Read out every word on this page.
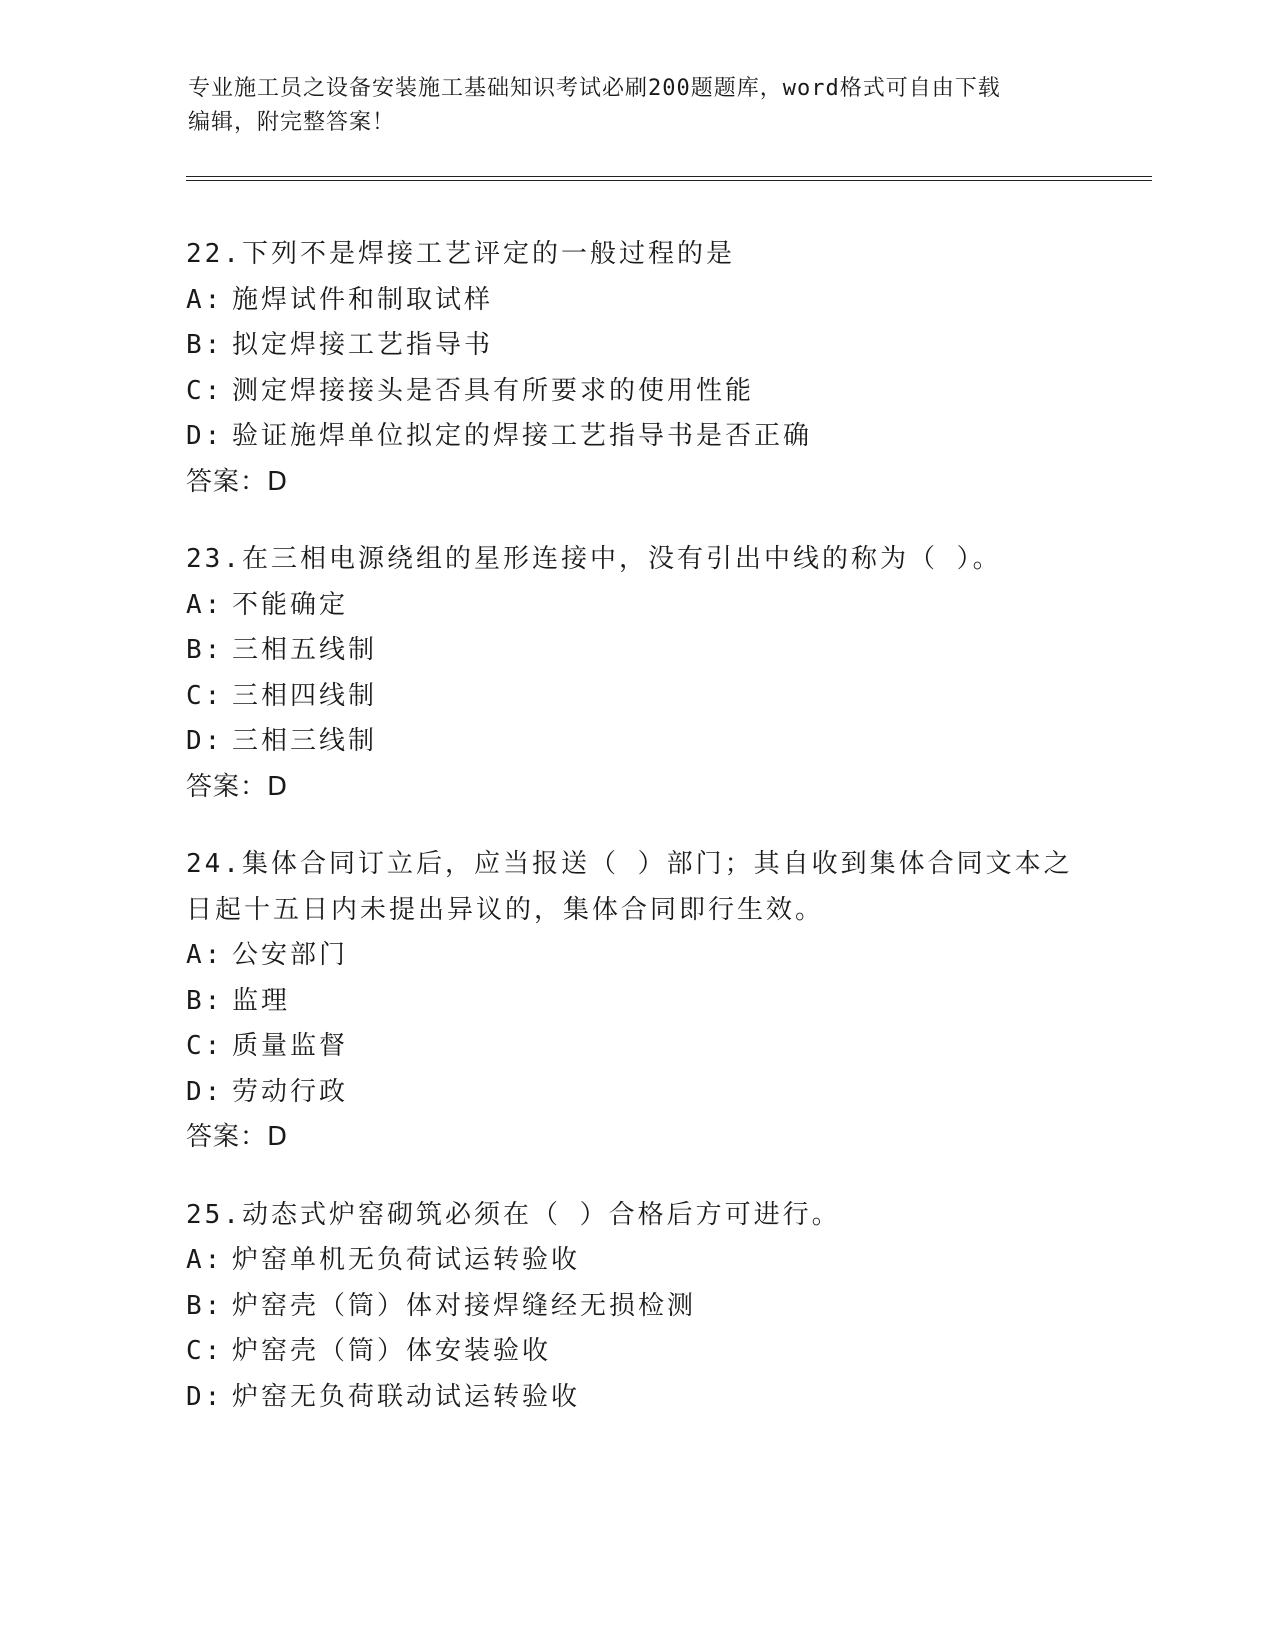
专业施工员之设备安装施工基础知识考试必刷200题题库，word格式可自由下载
编辑，附完整答案！

22.下列不是焊接工艺评定的一般过程的是

A: 施焊试件和制取试样

B: 拟定焊接工艺指导书

C: 测定焊接接头是否具有所要求的使用性能

D: 验证施焊单位拟定的焊接工艺指导书是否正确

答案：D

23.在三相电源绕组的星形连接中，没有引出中线的称为（ ）。

A: 不能确定

B: 三相五线制

C: 三相四线制

D: 三相三线制

答案：D

24.集体合同订立后，应当报送（ ）部门；其自收到集体合同文本之

日起十五日内未提出异议的，集体合同即行生效。

A: 公安部门

B: 监理

C: 质量监督

D: 劳动行政

答案：D

25.动态式炉窑砌筑必须在（ ）合格后方可进行。

A: 炉窑单机无负荷试运转验收

B: 炉窑壳（筒）体对接焊缝经无损检测

C: 炉窑壳（筒）体安装验收

D: 炉窑无负荷联动试运转验收
